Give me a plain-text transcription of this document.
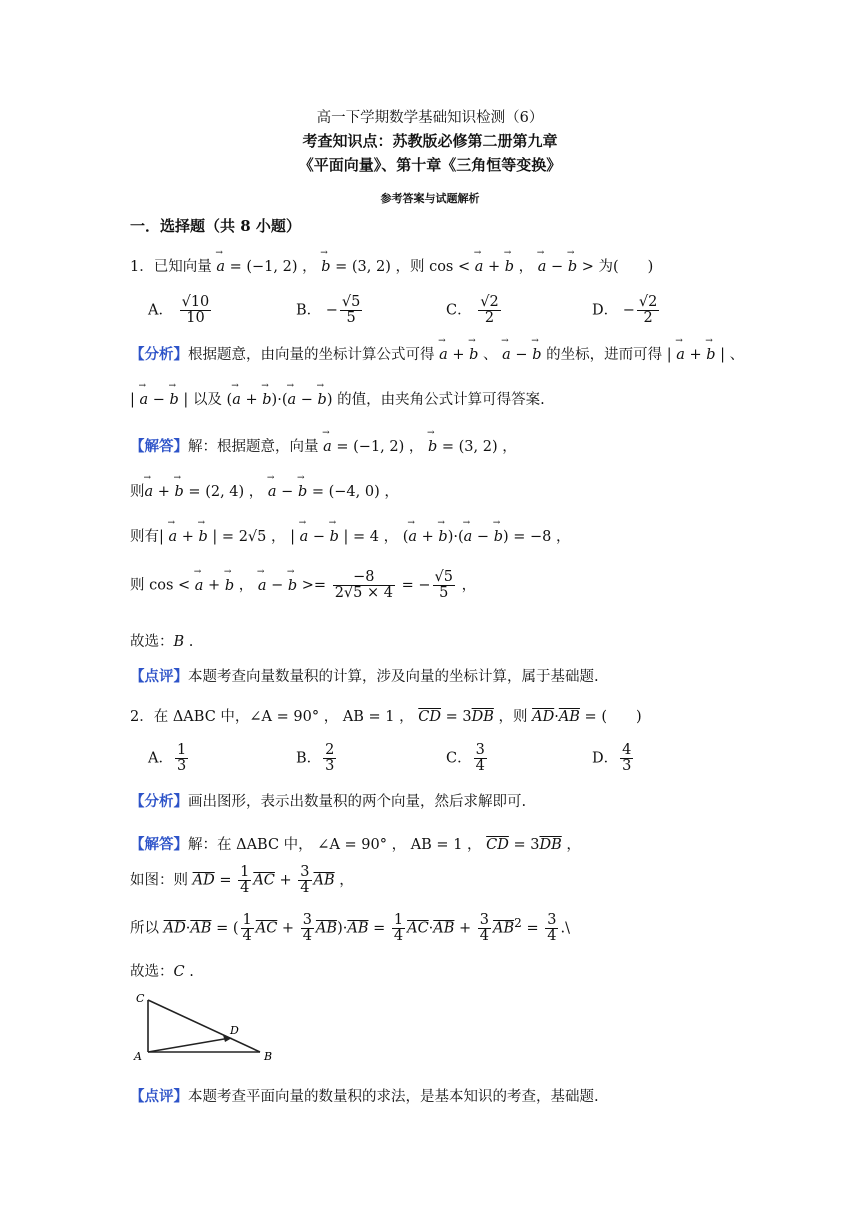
高一下学期数学基础知识检测（6）
考查知识点：苏教版必修第二册第九章
《平面向量》、第十章《三角恒等变换》
参考答案与试题解析
一．选择题（共 8 小题）
1．已知向量 → a = (−1, 2) ， → b = (3, 2) ，则 cos < → a + → b ， → a − → b > 为(　　)
A． $\frac{√10}{10}$	B． − $\frac{√5}{5}$	C． $\frac{√2}{2}$	D． − $\frac{√2}{2}$
【分析】根据题意，由向量的坐标计算公式可得 → a + → b 、 → a − → b 的坐标，进而可得 | → a + → b | 、
| → a − → b | 以及 (→ a + → b)·(→ a − → b) 的值，由夹角公式计算可得答案.
【解答】解：根据题意，向量 → a = (−1, 2) ， → b = (3, 2) ，
则→ a + → b = (2, 4) ， → a − → b = (−4, 0) ，
则有| → a + → b | = 2√5 ， | → a − → b | = 4 ， (→ a + → b)·(→ a − → b) = −8 ，
则 cos < → a + → b ， → a − → $b >= \frac{-8}{2√5 \times 4}$ = − $\frac{√5}{5}$ ，
故选：B .
【点评】本题考查向量数量积的计算，涉及向量的坐标计算，属于基础题.
2．在 ΔABC 中，∠A = 90° ， AB = 1 ， $\overline{CD} = 3\overline{DB}$ ，则 $\overline{AD}\cdot\overline{AB}$ = (　　)
A． $\frac{1}{3}$	B． $\frac{2}{3}$	C． $\frac{3}{4}$	D． $\frac{4}{3}$
【分析】画出图形，表示出数量积的两个向量，然后求解即可.
【解答】解：在 ΔABC 中， ∠A = 90° ， AB = 1 ， $\overline{CD} = 3\overline{DB}$ ，
如图：则 $\overline{AD} = \frac{1}{4} \overline{AC} + \frac{3}{4} \overline{AB}$ ，
所以 $\overline{AD}\cdot\overline{AB}$ = ( $\frac{1}{4} \overline{AC} + \frac{3}{4} \overline{AB})\cdot\overline{AB} = \frac{1}{4} \overline{AC}\cdot\overline{AB} + \frac{3}{4} \overline{AB}^2 = \frac{3}{4}$ .\
故选：C .
C
D
A	B
【点评】本题考查平面向量的数量积的求法，是基本知识的考查，基础题.
